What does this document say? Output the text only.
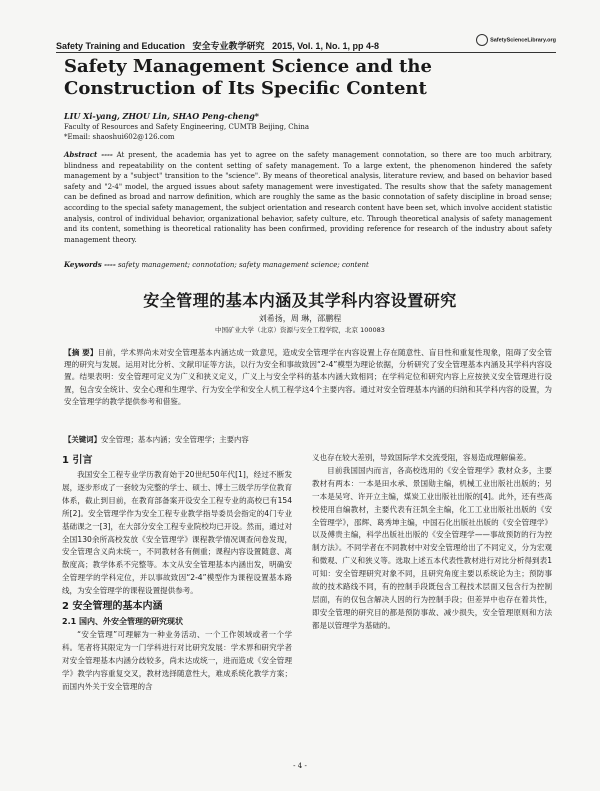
Safety Training and Education 安全专业教学研究 2015, Vol. 1, No. 1, pp 4-8
SafetyScienceLibrary.org
Safety Management Science and the Construction of Its Specific Content
LIU Xi-yang, ZHOU Lin, SHAO Peng-cheng*
Faculty of Resources and Safety Engineering, CUMTB Beijing, China
*Email: shaoshui602@126.com

Abstract ---- At present, the academia has yet to agree on the safety management connotation, so there are too much arbitrary, blindness and repeatability on the content setting of safety management. To a large extent, the phenomenon hindered the safety management by a "subject" transition to the "science". By means of theoretical analysis, literature review, and based on behavior based safety and "2-4" model, the argued issues about safety management were investigated. The results show that the safety management can be defined as broad and narrow definition, which are roughly the same as the basic connotation of safety discipline in broad sense; according to the special safety management, the subject orientation and research content have been set, which involve accident statistic analysis, control of individual behavior, organizational behavior, safety culture, etc. Through theoretical analysis of safety management and its content, something is theoretical rationality has been confirmed, providing reference for research of the industry about safety management theory.

Keywords ---- safety management; connotation; safety management science; content

安全管理的基本内涵及其学科内容设置研究
刘希扬，周 琳，邵鹏程
中国矿业大学（北京）资源与安全工程学院，北京 100083

【摘 要】目前，学术界尚未对安全管理基本内涵达成一致意见，造成安全管理学在内容设置上存在随意性、盲目性和重复性现象，阻碍了安全管理的研究与发展。运用对比分析、文献印证等方法，以行为安全和事故致因“2-4”模型为理论依据，分析研究了安全管理基本内涵及其学科内容设置。结果表明：安全管理可定义为广义和狭义定义，广义上与安全学科的基本内涵大致相同；在学科定位和研究内容上应按狭义安全管理进行设置，包含安全统计、安全心理和生理学、行为安全学和安全人机工程学这4个主要内容。通过对安全管理基本内涵的归纳和其学科内容的设置，为安全管理学的教学提供参考和借鉴。

【关键词】安全管理；基本内涵；安全管理学；主要内容

1 引言

我国安全工程专业学历教育始于20世纪50年代[1]，经过不断发展，逐步形成了一套较为完整的学士、硕士、博士三级学历学位教育体系，截止到目前，在教育部备案开设安全工程专业的高校已有154所[2]。安全管理学作为安全工程专业教学指导委员会指定的4门专业基础课之一[3]，在大部分安全工程专业院校均已开设。然而，通过对全国130余所高校发放《安全管理学》课程教学情况调查问卷发现，安全管理含义尚未统一，不同教材各有侧重；课程内容设置随意、离散度高；教学体系不完整等。本文从安全管理基本内涵出发，明确安全管理学的学科定位，并以事故致因“2-4”模型作为课程设置基本路线，为安全管理学的课程设置提供参考。

2 安全管理的基本内涵
2.1 国内、外安全管理的研究现状

“安全管理”可理解为一种业务活动、一个工作领域或者一个学科。笔者将其限定为一门学科进行对比研究发展：学术界和研究学者对安全管理基本内涵分歧较多，尚未达成统一，进而造成《安全管理学》教学内容重复交叉，教材选择随意性大，难成系统化教学方案；而国内外关于安全管理的含

义也存在较大差别，导致国际学术交流受阻，容易造成理解偏差。

目前我国国内而言，各高校选用的《安全管理学》教材众多，主要教材有两本：一本是田水承、景国勋主编，机械工业出版社出版的；另一本是吴穹、许开立主编，煤炭工业出版社出版的[4]。此外，还有些高校使用自编教材，主要代表有汪凯全主编，化工工业出版社出版的《安全管理学》，邵辉、葛秀坤主编，中国石化出版社出版的《安全管理学》以及傅贵主编，科学出版社出版的《安全管理学——事故预防的行为控制方法》。不同学者在不同教材中对安全管理给出了不同定义，分为宏观和微观、广义和狭义等。选取上述五本代表性教材进行对比分析得到表1可知：安全管理研究对象不同，且研究角度主要以系统论为主；预防事故的技术路线不同，有的控制手段既包含工程技术层面又包含行为控制层面，有的仅包含解决人因的行为控制手段；但差异中也存在着共性，即安全管理的研究目的都是预防事故、减少损失，安全管理原则和方法都是以管理学为基础的。

- 4 -
